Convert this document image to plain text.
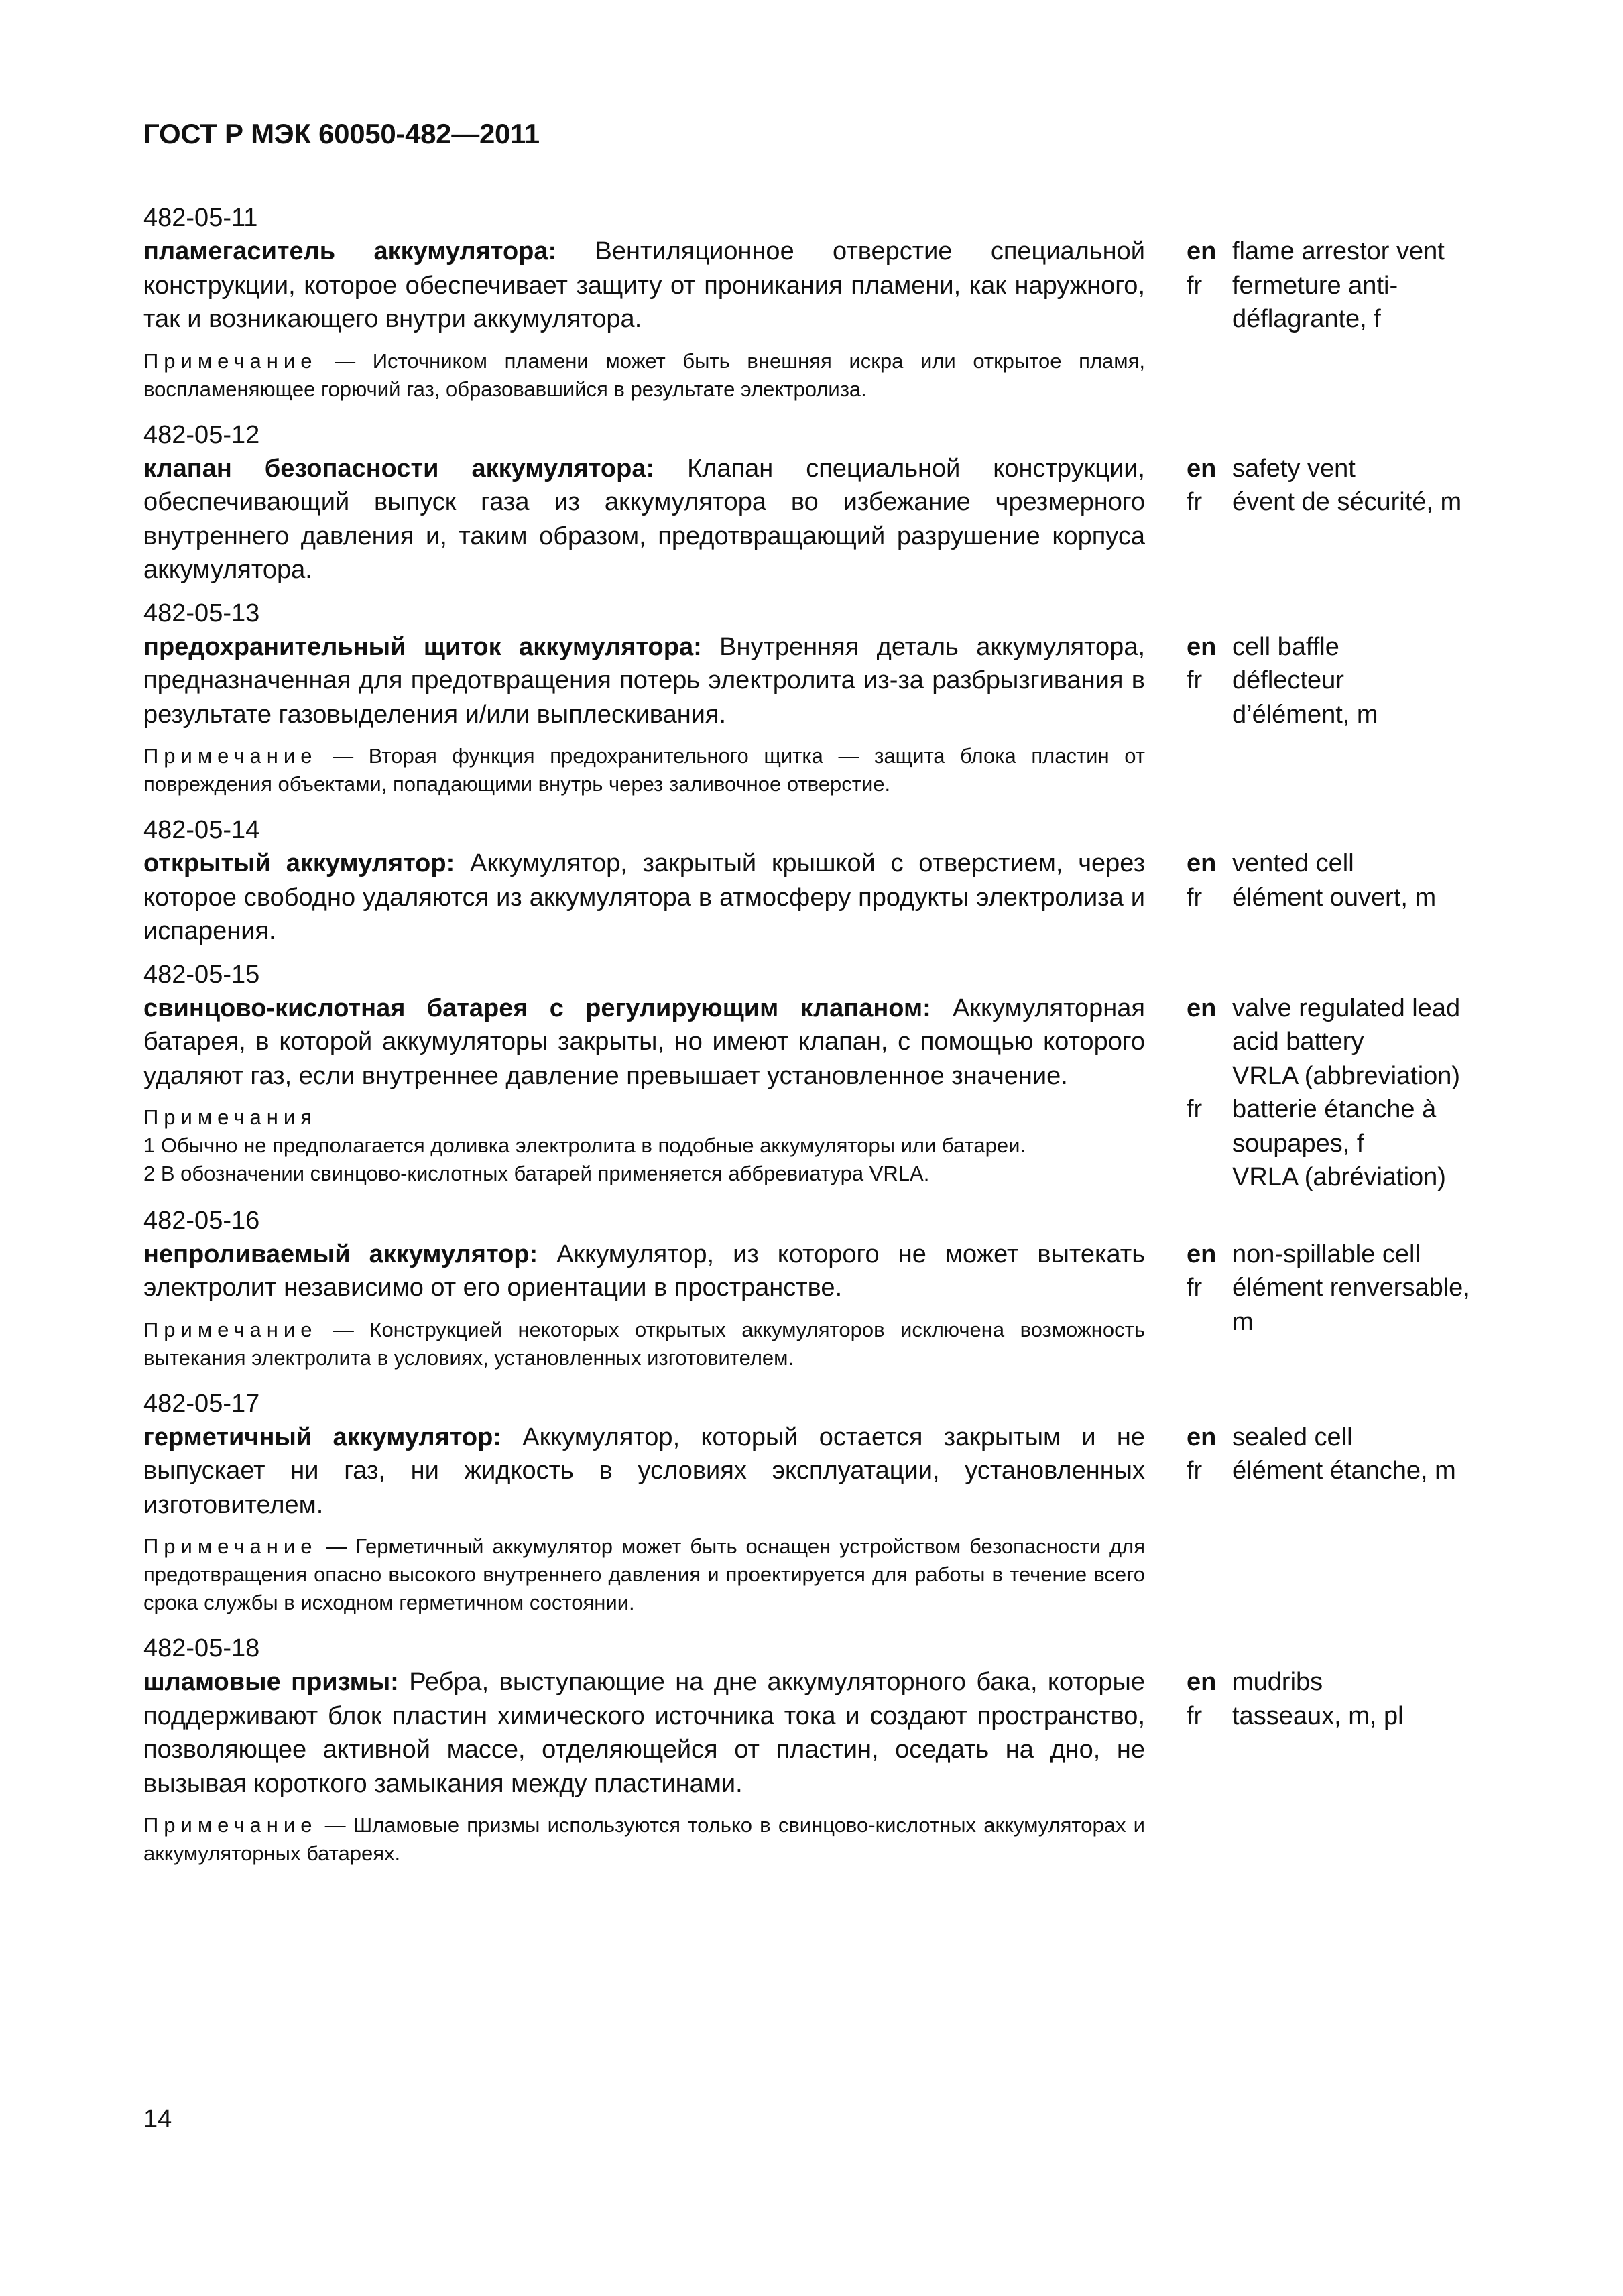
ГОСТ Р МЭК 60050-482—2011

482-05-11

пламегаситель аккумулятора: Вентиляционное отверстие специальной конструкции, которое обеспечивает защиту от проникания пламени, как наружного, так и возникающего внутри аккумулятора.

Примечание — Источником пламени может быть внешняя искра или открытое пламя, воспламеняющее горючий газ, образовавшийся в результате электролиза.

en flame arrestor vent
fr	fermeture anti-
déflagrante, f

482-05-12

клапан безопасности аккумулятора: Клапан специальной конструкции, обеспечивающий выпуск газа из аккумулятора во избежание чрезмерного внутреннего давления и, таким образом, предотвращающий разрушение корпуса аккумулятора.

en safety vent
fr	évent de sécurité, m

482-05-13

предохранительный щиток аккумулятора: Внутренняя деталь аккумулятора, предназначенная для предотвращения потерь электролита из-за разбрызгивания в результате газовыделения и/или выплескивания.

Примечание — Вторая функция предохранительного щитка — защита блока пластин от повреждения объектами, попадающими внутрь через заливочное отверстие.

en cell baffle
fr	déflecteur
d’élément, m

482-05-14

открытый аккумулятор: Аккумулятор, закрытый крышкой с отверстием, через которое свободно удаляются из аккумулятора в атмосферу продукты электролиза и испарения.

en vented cell
fr	élément ouvert, m

482-05-15

свинцово-кислотная батарея с регулирующим клапаном: Аккумуляторная батарея, в которой аккумуляторы закрыты, но имеют клапан, с помощью которого удаляют газ, если внутреннее давление превышает установленное значение.

Примечания
1 Обычно не предполагается доливка электролита в подобные аккумуляторы или батареи.
2 В обозначении свинцово-кислотных батарей применяется аббревиатура VRLA.

en valve regulated lead
acid battery
VRLA (abbreviation)
fr	batterie étanche à
soupapes, f
VRLA (abréviation)

482-05-16

непроливаемый аккумулятор: Аккумулятор, из которого не может вытекать электролит независимо от его ориентации в пространстве.

Примечание — Конструкцией некоторых открытых аккумуляторов исключена возможность вытекания электролита в условиях, установленных изготовителем.

en non-spillable cell
fr	élément renversable,
m

482-05-17

герметичный аккумулятор: Аккумулятор, который остается закрытым и не выпускает ни газ, ни жидкость в условиях эксплуатации, установленных изготовителем.

Примечание — Герметичный аккумулятор может быть оснащен устройством безопасности для предотвращения опасно высокого внутреннего давления и проектируется для работы в течение всего срока службы в исходном герметичном состоянии.

en sealed cell
fr	élément étanche, m

482-05-18

шламовые призмы: Ребра, выступающие на дне аккумуляторного бака, которые поддерживают блок пластин химического источника тока и создают пространство, позволяющее активной массе, отделяющейся от пластин, оседать на дно, не вызывая короткого замыкания между пластинами.

Примечание — Шламовые призмы используются только в свинцово-кислотных аккумуляторах и аккумуляторных батареях.

en mudribs
fr	tasseaux, m, pl
14
